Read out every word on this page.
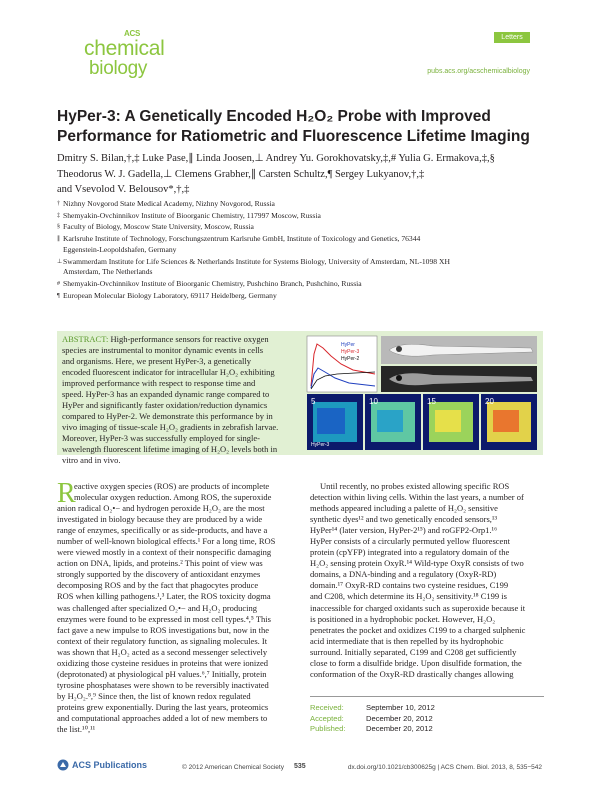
ACS
chemical
biology
Letters
pubs.acs.org/acschemicalbiology
HyPer-3: A Genetically Encoded H₂O₂ Probe with Improved
Performance for Ratiometric and Fluorescence Lifetime Imaging
Dmitry S. Bilan,†,‡ Luke Pase,∥ Linda Joosen,⊥ Andrey Yu. Gorokhovatsky,‡,# Yulia G. Ermakova,‡,§
Theodorus W. J. Gadella,⊥ Clemens Grabher,∥ Carsten Schultz,¶ Sergey Lukyanov,†,‡
and Vsevolod V. Belousov*,†,‡
† Nizhny Novgorod State Medical Academy, Nizhny Novgorod, Russia
‡ Shemyakin-Ovchinnikov Institute of Bioorganic Chemistry, 117997 Moscow, Russia
§ Faculty of Biology, Moscow State University, Moscow, Russia
∥ Karlsruhe Institute of Technology, Forschungszentrum Karlsruhe GmbH, Institute of Toxicology and Genetics, 76344
Eggenstein-Leopoldshafen, Germany
⊥ Swammerdam Institute for Life Sciences & Netherlands Institute for Systems Biology, University of Amsterdam, NL-1098 XH
Amsterdam, The Netherlands
# Shemyakin-Ovchinnikov Institute of Bioorganic Chemistry, Pushchino Branch, Pushchino, Russia
¶ European Molecular Biology Laboratory, 69117 Heidelberg, Germany
ABSTRACT: High-performance sensors for reactive oxygen
species are instrumental to monitor dynamic events in cells
and organisms. Here, we present HyPer-3, a genetically
encoded fluorescent indicator for intracellular H₂O₂ exhibiting
improved performance with respect to response time and
speed. HyPer-3 has an expanded dynamic range compared to
HyPer and significantly faster oxidation/reduction dynamics
compared to HyPer-2. We demonstrate this performance by in
vivo imaging of tissue-scale H₂O₂ gradients in zebrafish larvae.
Moreover, HyPer-3 was successfully employed for single-
wavelength fluorescent lifetime imaging of H₂O₂ levels both in
vitro and in vivo.
HyPer
HyPer-3
HyPer-2
5
HyPer-3
10	15	20
R
eactive oxygen species (ROS) are products of incomplete
molecular oxygen reduction. Among ROS, the superoxide
anion radical O₂•− and hydrogen peroxide H₂O₂ are the most
investigated in biology because they are produced by a wide
range of enzymes, specifically or as side-products, and have a
number of well-known biological effects.¹ For a long time, ROS
were viewed mostly in a context of their nonspecific damaging
action on DNA, lipids, and proteins.² This point of view was
strongly supported by the discovery of antioxidant enzymes
decomposing ROS and by the fact that phagocytes produce
ROS when killing pathogens.¹,³ Later, the ROS toxicity dogma
was challenged after specialized O₂•− and H₂O₂ producing
enzymes were found to be expressed in most cell types.⁴,⁵ This
fact gave a new impulse to ROS investigations but, now in the
context of their regulatory function, as signaling molecules. It
was shown that H₂O₂ acted as a second messenger selectively
oxidizing those cysteine residues in proteins that were ionized
(deprotonated) at physiological pH values.⁶,⁷ Initially, protein
tyrosine phosphatases were shown to be reversibly inactivated
by H₂O₂.⁸,⁹ Since then, the list of known redox regulated
proteins grew exponentially. During the last years, proteomics
and computational approaches added a lot of new members to
the list.¹⁰,¹¹
Until recently, no probes existed allowing specific ROS
detection within living cells. Within the last years, a number of
methods appeared including a palette of H₂O₂ sensitive
synthetic dyes¹² and two genetically encoded sensors,¹³
HyPer¹⁴ (later version, HyPer-2¹⁵) and roGFP2-Orp1.¹⁶
HyPer consists of a circularly permuted yellow fluorescent
protein (cpYFP) integrated into a regulatory domain of the
H₂O₂ sensing protein OxyR.¹⁴ Wild-type OxyR consists of two
domains, a DNA-binding and a regulatory (OxyR-RD)
domain.¹⁷ OxyR-RD contains two cysteine residues, C199
and C208, which determine its H₂O₂ sensitivity.¹⁸ C199 is
inaccessible for charged oxidants such as superoxide because it
is positioned in a hydrophobic pocket. However, H₂O₂
penetrates the pocket and oxidizes C199 to a charged sulphenic
acid intermediate that is then repelled by its hydrophobic
surround. Initially separated, C199 and C208 get sufficiently
close to form a disulfide bridge. Upon disulfide formation, the
conformation of the OxyR-RD drastically changes allowing
Received:	September 10, 2012
Accepted:	December 20, 2012
Published:	December 20, 2012
ACS Publications	© 2012 American Chemical Society 535	dx.doi.org/10.1021/cb300625g | ACS Chem. Biol. 2013, 8, 535−542
